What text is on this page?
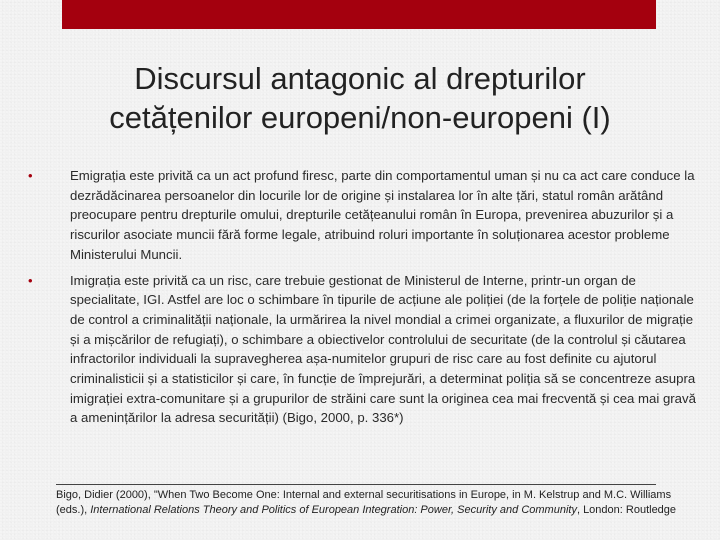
Discursul antagonic al drepturilor
cetățenilor europeni/non-europeni (I)
•	Emigrația este privită ca un act profund firesc, parte din comportamentul uman și nu ca act care conduce la dezrădăcinarea persoanelor din locurile lor de origine și instalarea lor în alte țări, statul român arătând preocupare pentru drepturile omului, drepturile cetățeanului român în Europa, prevenirea abuzurilor și a riscurilor asociate muncii fără forme legale, atribuind roluri importante în soluționarea acestor probleme Ministerului Muncii.
•	Imigrația este privită ca un risc, care trebuie gestionat de Ministerul de Interne, printr-un organ de specialitate, IGI. Astfel are loc o schimbare în tipurile de acțiune ale poliției (de la forțele de poliție naționale de control a criminalității naționale, la urmărirea la nivel mondial a crimei organizate, a fluxurilor de migrație și a mișcărilor de refugiați), o schimbare a obiectivelor controlului de securitate (de la controlul și căutarea infractorilor individuali la supravegherea așa-numitelor grupuri de risc care au fost definite cu ajutorul criminalisticii și a statisticilor și care, în funcție de împrejurări, a determinat poliția să se concentreze asupra imigrației extra-comunitare și a grupurilor de străini care sunt la originea cea mai frecventă și cea mai gravă a amenințărilor la adresa securității) (Bigo, 2000, p. 336*)
Bigo, Didier (2000), "When Two Become One: Internal and external securitisations in Europe, in M. Kelstrup and M.C. Williams (eds.), International Relations Theory and Politics of European Integration: Power, Security and Community, London: Routledge
